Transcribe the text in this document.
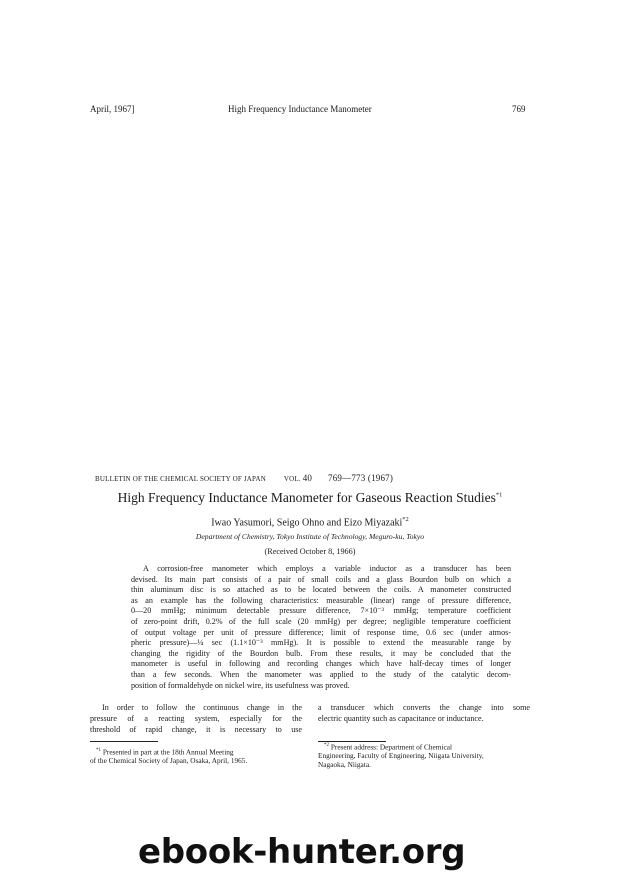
April, 1967]	High Frequency Inductance Manometer	769
BULLETIN OF THE CHEMICAL SOCIETY OF JAPAN	VOL. 40 769—773 (1967)
High Frequency Inductance Manometer for Gaseous Reaction Studies$^{*1}$
Iwao Yasumori, Seigo Ohno and Eizo Miyazaki$^{*2}$
Department of Chemistry, Tokyo Institute of Technology, Meguro-ku, Tokyo
(Received October 8, 1966)
A corrosion-free manometer which employs a variable inductor as a transducer has been
devised. Its main part consists of a pair of small coils and a glass Bourdon bulb on which a
thin aluminum disc is so attached as to be located between the coils. A manometer constructed
as an example has the following characteristics: measurable (linear) range of pressure difference,
0—20 mmHg; minimum detectable pressure difference, 7×10⁻³ mmHg; temperature coefficient
of zero-point drift, 0.2% of the full scale (20 mmHg) per degree; negligible temperature coefficient
of output voltage per unit of pressure difference; limit of response time, 0.6 sec (under atmos-
pheric pressure)—¼ sec (1.1×10⁻³ mmHg). It is possible to extend the measurable range by
changing the rigidity of the Bourdon bulb. From these results, it may be concluded that the
manometer is useful in following and recording changes which have half-decay times of longer
than a few seconds. When the manometer was applied to the study of the catalytic decom-
position of formaldehyde on nickel wire, its usefulness was proved.
In order to follow the continuous change in the
pressure of a reacting system, especially for the
threshold of rapid change, it is necessary to use
a transducer which converts the change into some
electric quantity such as capacitance or inductance.
$^{*1}$ Presented in part at the 18th Annual Meeting
of the Chemical Society of Japan, Osaka, April, 1965.
$^{*2}$ Present address: Department of Chemical
Engineering, Faculty of Engineering, Niigata University,
Nagaoka, Niigata.
ebook-hunter.org
